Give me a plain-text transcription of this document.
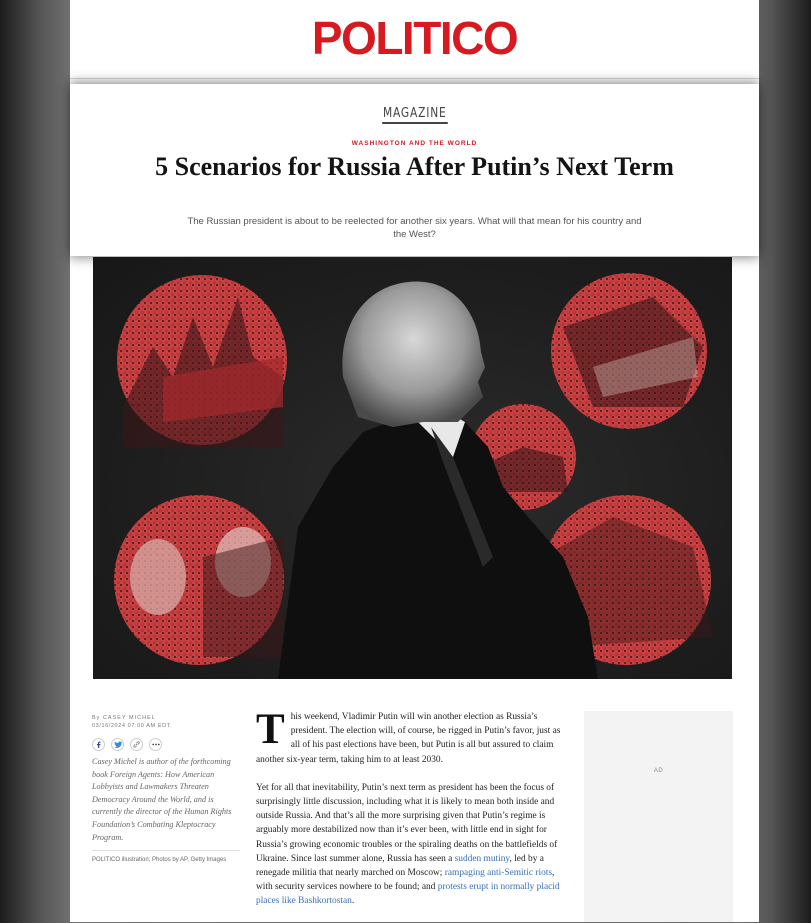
POLITICO
MAGAZINE
WASHINGTON AND THE WORLD
5 Scenarios for Russia After Putin’s Next Term
The Russian president is about to be reelected for another six years. What will that mean for his country and the West?
By CASEY MICHEL
03/16/2024 07:00 AM EDT
Casey Michel is author of the forthcoming book Foreign Agents: How American Lobbyists and Lawmakers Threaten Democracy Around the World, and is currently the director of the Human Rights Foundation’s Combating Kleptocracy Program.
POLITICO illustration; Photos by AP, Getty Images

This weekend, Vladimir Putin will win another election as Russia’s president. The election will, of course, be rigged in Putin’s favor, just as all of his past elections have been, but Putin is all but assured to claim another six-year term, taking him to at least 2030.

Yet for all that inevitability, Putin’s next term as president has been the focus of surprisingly little discussion, including what it is likely to mean both inside and outside Russia. And that’s all the more surprising given that Putin’s regime is arguably more destabilized now than it’s ever been, with little end in sight for Russia’s growing economic troubles or the spiraling deaths on the battlefields of Ukraine. Since last summer alone, Russia has seen a sudden mutiny, led by a renegade militia that nearly marched on Moscow; rampaging anti-Semitic riots, with security services nowhere to be found; and protests erupt in normally placid places like Bashkortostan.

AD
